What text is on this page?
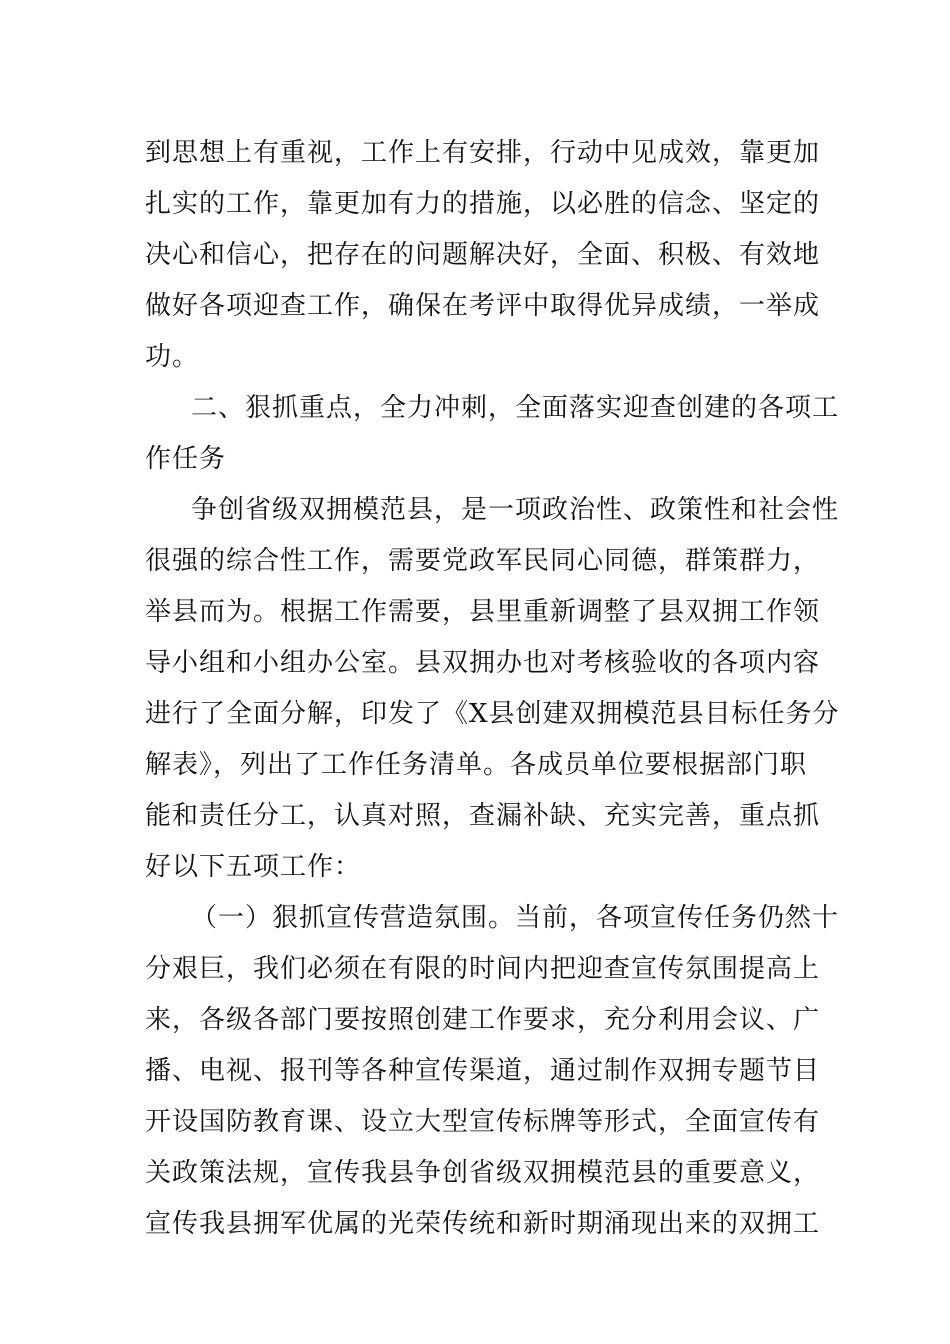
到思想上有重视，工作上有安排，行动中见成效，靠更加
扎实的工作，靠更加有力的措施，以必胜的信念、坚定的
决心和信心，把存在的问题解决好，全面、积极、有效地
做好各项迎查工作，确保在考评中取得优异成绩，一举成
功。
二、狠抓重点，全力冲刺，全面落实迎查创建的各项工
作任务
争创省级双拥模范县，是一项政治性、政策性和社会性
很强的综合性工作，需要党政军民同心同德，群策群力，
举县而为。根据工作需要，县里重新调整了县双拥工作领
导小组和小组办公室。县双拥办也对考核验收的各项内容
进行了全面分解，印发了《X县创建双拥模范县目标任务分
解表》，列出了工作任务清单。各成员单位要根据部门职
能和责任分工，认真对照，查漏补缺、充实完善，重点抓
好以下五项工作：
（一）狠抓宣传营造氛围。当前，各项宣传任务仍然十
分艰巨，我们必须在有限的时间内把迎查宣传氛围提高上
来，各级各部门要按照创建工作要求，充分利用会议、广
播、电视、报刊等各种宣传渠道，通过制作双拥专题节目
开设国防教育课、设立大型宣传标牌等形式，全面宣传有
关政策法规，宣传我县争创省级双拥模范县的重要意义，
宣传我县拥军优属的光荣传统和新时期涌现出来的双拥工
